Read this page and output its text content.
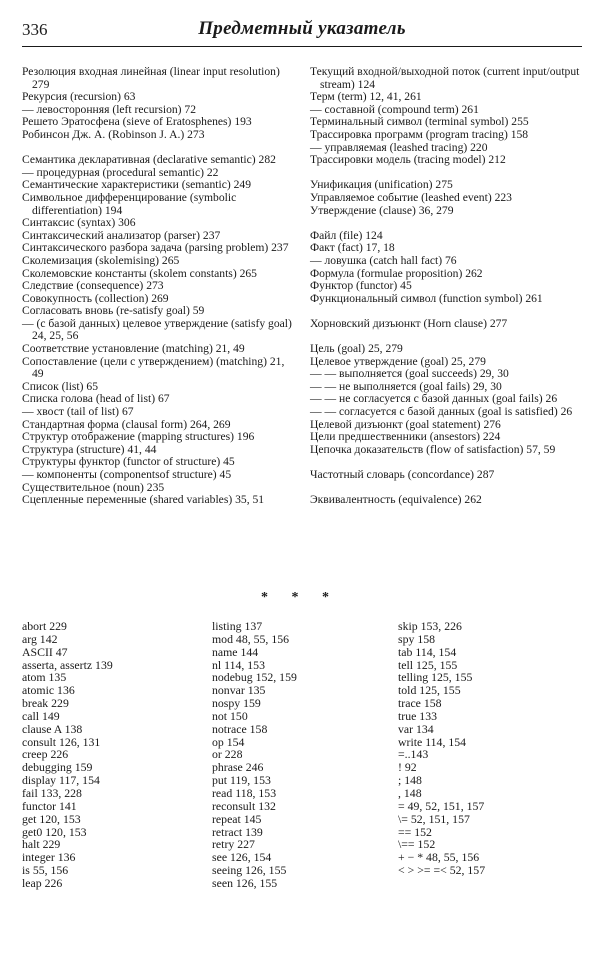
336	Предметный указатель

Резолюция входная линейная (linear input resolution) 279

Рекурсия (recursion) 63

— левосторонняя (left recursion) 72

Решето Эратосфена (sieve of Eratosphenes) 193

Робинсон Дж. А. (Robinson J. A.) 273

Семантика декларативная (declarative semantic) 282

— процедурная (procedural semantic) 22

Семантические характеристики (semantic) 249

Символьное дифференцирование (symbolic differentiation) 194

Синтаксис (syntax) 306

Синтаксический анализатор (parser) 237

Синтаксического разбора задача (parsing problem) 237

Сколемизация (skolemising) 265

Сколемовские константы (skolem constants) 265

Следствие (consequence) 273

Совокупность (collection) 269

Согласовать вновь (re-satisfy goal) 59

— (с базой данных) целевое утверждение (satisfy goal) 24, 25, 56

Соответствие установление (matching) 21, 49

Сопоставление (цели с утверждением) (matching) 21, 49

Список (list) 65

Списка голова (head of list) 67

— хвост (tail of list) 67

Стандартная форма (clausal form) 264, 269

Структур отображение (mapping structures) 196

Структура (structure) 41, 44

Структуры функтор (functor of structure) 45

— компоненты (componentsof structure) 45

Существительное (noun) 235

Сцепленные переменные (shared variables) 35, 51

Текущий входной/выходной поток (current input/output stream) 124

Терм (term) 12, 41, 261

— составной (compound term) 261

Терминальный символ (terminal symbol) 255

Трассировка программ (program tracing) 158

— управляемая (leashed tracing) 220

Трассировки модель (tracing model) 212

Унификация (unification) 275

Управляемое событие (leashed event) 223

Утверждение (clause) 36, 279

Файл (file) 124

Факт (fact) 17, 18

— ловушка (catch hall fact) 76

Формула (formulae proposition) 262

Функтор (functor) 45

Функциональный символ (function symbol) 261

Хорновский дизъюнкт (Horn clause) 277

Цель (goal) 25, 279

Целевое утверждение (goal) 25, 279

— — выполняется (goal succeeds) 29, 30

— — не выполняется (goal fails) 29, 30

— — не согласуется с базой данных (goal fails) 26

— — согласуется с базой данных (goal is satisfied) 26

Целевой дизъюнкт (goal statement) 276

Цели предшественники (ansestors) 224

Цепочка доказательств (flow of satisfaction) 57, 59

Частотный словарь (concordance) 287

Эквивалентность (equivalence) 262

* * *

abort 229

arg 142

ASCII 47

asserta, assertz 139

atom 135

atomic 136

break 229

call 149

clause A 138

consult 126, 131

creep 226

debugging 159

display 117, 154

fail 133, 228

functor 141

get 120, 153

get0 120, 153

halt 229

integer 136

is 55, 156

leap 226

listing 137

mod 48, 55, 156

name 144

nl 114, 153

nodebug 152, 159

nonvar 135

nospy 159

not 150

notrace 158

op 154

or 228

phrase 246

put 119, 153

read 118, 153

reconsult 132

repeat 145

retract 139

retry 227

see 126, 154

seeing 126, 155

seen 126, 155

skip 153, 226

spy 158

tab 114, 154

tell 125, 155

telling 125, 155

told 125, 155

trace 158

true 133

var 134

write 114, 154

=..143

! 92

; 148

, 148

= 49, 52, 151, 157

\= 52, 151, 157

== 152

\== 152

+ − * 48, 55, 156

< > >= =< 52, 157
